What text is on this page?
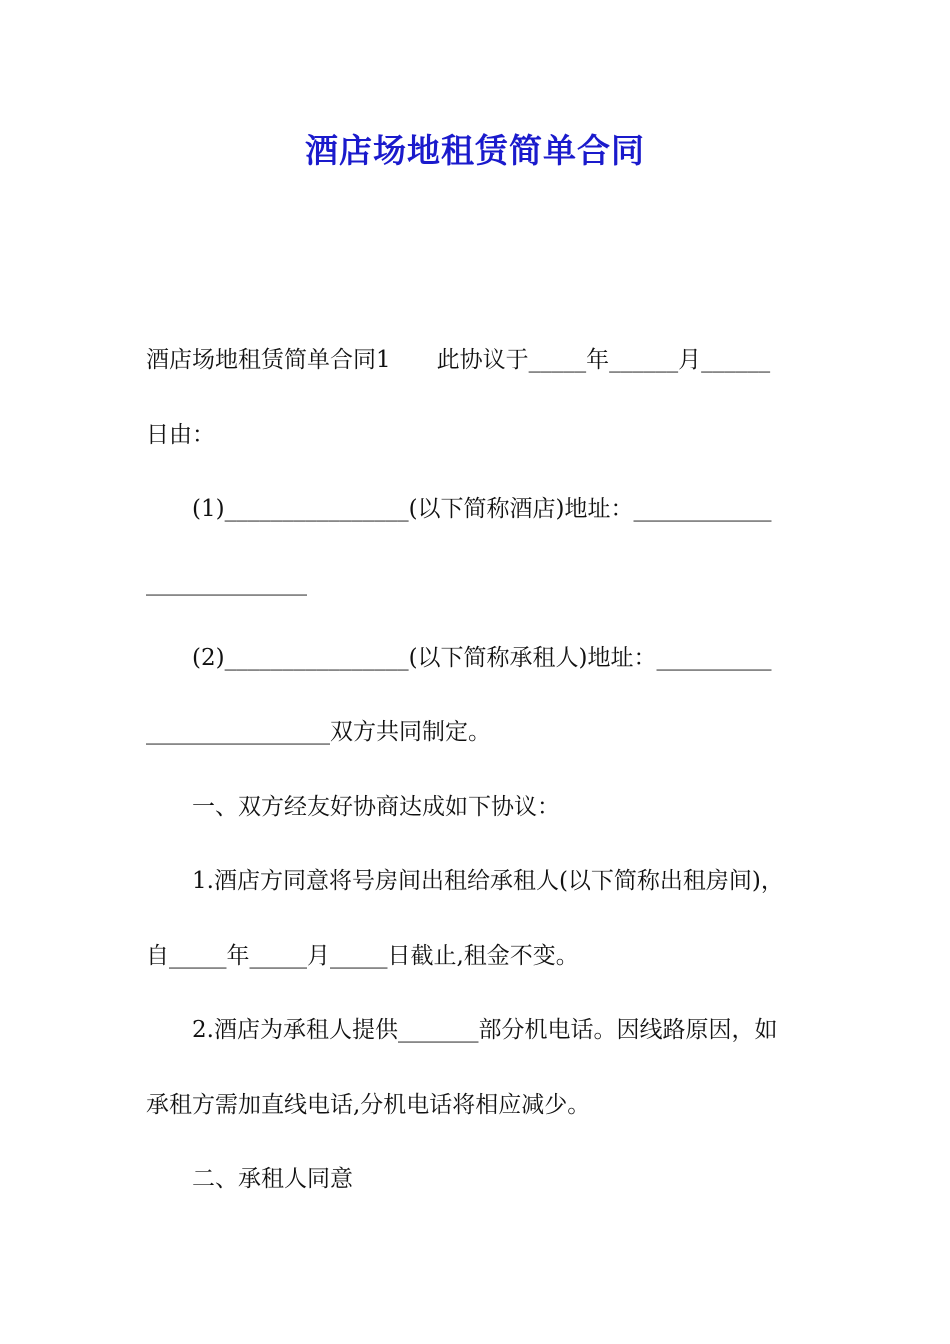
酒店场地租赁简单合同
酒店场地租赁简单合同1　　此协议于_____年______月______
日由：
(1)________________(以下简称酒店)地址：____________
______________
(2)________________(以下简称承租人)地址：__________
________________双方共同制定。
一、双方经友好协商达成如下协议：
1.酒店方同意将号房间出租给承租人(以下简称出租房间)，
自_____年_____月_____日截止,租金不变。
2.酒店为承租人提供_______部分机电话。因线路原因，如
承租方需加直线电话,分机电话将相应减少。
二、承租人同意
